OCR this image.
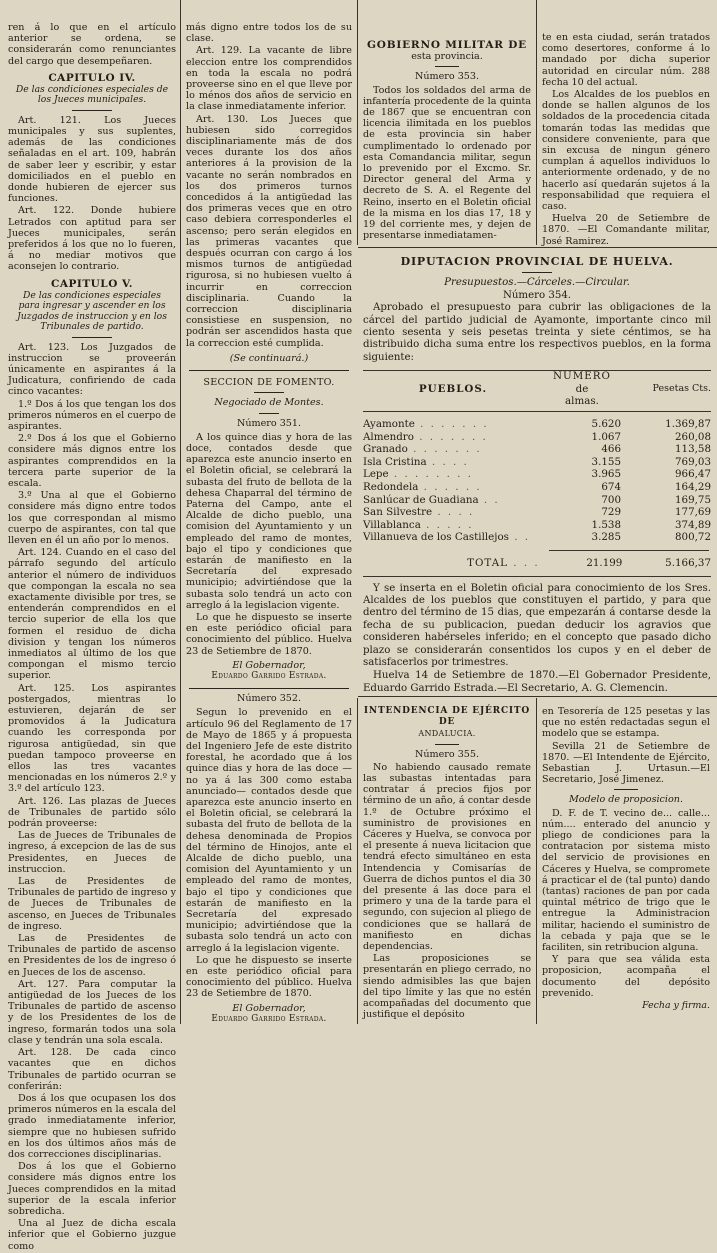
ren á lo que en el artículo anterior se ordena, se considerarán como renunciantes del cargo que desempeñaren.

CAPITULO IV.
De las condiciones especiales de los Jueces municipales.

Art. 121. Los Jueces municipales y sus suplentes, además de las condiciones señaladas en el art. 109, habrán de saber leer y escribir, y estar domiciliados en el pueblo en donde hubieren de ejercer sus funciones.

Art. 122. Donde hubiere Letrados con aptitud para ser Jueces municipales, serán preferidos á los que no lo fueren, á no mediar motivos que aconsejen lo contrario.

CAPITULO V.
De las condiciones especiales para ingresar y ascender en los Juzgados de instruccion y en los Tribunales de partido.

Art. 123. Los Juzgados de instruccion se proveerán únicamente en aspirantes á la Judicatura, confiriendo de cada cinco vacantes:

1.º Dos á los que tengan los dos primeros números en el cuerpo de aspirantes.

2.º Dos á los que el Gobierno considere más dignos entre los aspirantes comprendidos en la tercera parte superior de la escala.

3.º Una al que el Gobierno considere más digno entre todos los que correspondan al mismo cuerpo de aspirantes, con tal que lleven en él un año por lo menos.

Art. 124. Cuando en el caso del párrafo segundo del artículo anterior el número de individuos que compongan la escala no sea exactamente divisible por tres, se entenderán comprendidos en el tercio superior de ella los que formen el residuo de dicha division y tengan los números inmediatos al último de los que compongan el mismo tercio superior.

Art. 125. Los aspirantes postergados, mientras lo estuvieren, dejarán de ser promovidos á la Judicatura cuando les corresponda por rigurosa antigüedad, sin que puedan tampoco proveerse en ellos las tres vacantes mencionadas en los números 2.º y 3.º del artículo 123.

Art. 126. Las plazas de Jueces de Tribunales de partido sólo podrán proveerse:

Las de Jueces de Tribunales de ingreso, á excepcion de las de sus Presidentes, en Jueces de instruccion.

Las de Presidentes de Tribunales de partido de ingreso y de Jueces de Tribunales de ascenso, en Jueces de Tribunales de ingreso.

Las de Presidentes de Tribunales de partido de ascenso en Presidentes de los de ingreso ó en Jueces de los de ascenso.

Art. 127. Para computar la antigüedad de los Jueces de los Tribunales de partido de ascenso y de los Presidentes de los de ingreso, formarán todos una sola clase y tendrán una sola escala.

Art. 128. De cada cinco vacantes que en dichos Tribunales de partido ocurran se conferirán:

Dos á los que ocupasen los dos primeros números en la escala del grado inmediatamente inferior, siempre que no hubiesen sufrido en los dos últimos años más de dos correcciones disciplinarias.

Dos á los que el Gobierno considere más dignos entre los Jueces comprendidos en la mitad superior de la escala inferior sobredicha.

Una al Juez de dicha escala inferior que el Gobierno juzgue como

más digno entre todos los de su clase.

Art. 129. La vacante de libre eleccion entre los comprendidos en toda la escala no podrá proveerse sino en el que lleve por lo ménos dos años de servicio en la clase inmediatamente inferior.

Art. 130. Los Jueces que hubiesen sido corregidos disciplinariamente más de dos veces durante los dos años anteriores á la provision de la vacante no serán nombrados en los dos primeros turnos concedidos á la antigüedad las dos primeras veces que en otro caso debiera corresponderles el ascenso; pero serán elegidos en las primeras vacantes que después ocurran con cargo á los mismos turnos de antigüedad rigurosa, si no hubiesen vuelto á incurrir en correccion disciplinaria. Cuando la correccion disciplinaria consistiese en suspension, no podrán ser ascendidos hasta que la correccion esté cumplida.

(Se continuará.)

SECCION DE FOMENTO.
Negociado de Montes.
Número 351.

A los quince dias y hora de las doce, contados desde que aparezca este anuncio inserto en el Boletin oficial, se celebrará la subasta del fruto de bellota de la dehesa Chaparral del término de Paterna del Campo, ante el Alcalde de dicho pueblo, una comision del Ayuntamiento y un empleado del ramo de montes, bajo el tipo y condiciones que estarán de manifiesto en la Secretaría del expresado municipio; advirtiéndose que la subasta solo tendrá un acto con arreglo á la legislacion vigente.

Lo que he dispuesto se inserte en este periódico oficial para conocimiento del público. Huelva 23 de Setiembre de 1870.

El Gobernador,
Eduardo Garrido Estrada.
Número 352.

Segun lo prevenido en el artículo 96 del Reglamento de 17 de Mayo de 1865 y á propuesta del Ingeniero Jefe de este distrito forestal, he acordado que á los quince dias y hora de las doce —no ya á las 300 como estaba anunciado— contados desde que aparezca este anuncio inserto en el Boletin oficial, se celebrará la subasta del fruto de bellota de la dehesa denominada de Propios del término de Hinojos, ante el Alcalde de dicho pueblo, una comision del Ayuntamiento y un empleado del ramo de montes, bajo el tipo y condiciones que estarán de manifiesto en la Secretaría del expresado municipio; advirtiéndose que la subasta solo tendrá un acto con arreglo á la legislacion vigente.

Lo que he dispuesto se inserte en este periódico oficial para conocimiento del público. Huelva 23 de Setiembre de 1870.

El Gobernador,
Eduardo Garrido Estrada.
GOBIERNO MILITAR DE
esta provincia.
Número 353.

Todos los soldados del arma de infantería procedente de la quinta de 1867 que se encuentran con licencia ilimitada en los pueblos de esta provincia sin haber cumplimentado lo ordenado por esta Comandancia militar, segun lo prevenido por el Excmo. Sr. Director general del Arma y decreto de S. A. el Regente del Reino, inserto en el Boletin oficial de la misma en los dias 17, 18 y 19 del corriente mes, y dejen de presentarse inmediatamen-

te en esta ciudad, serán tratados como desertores, conforme á lo mandado por dicha superior autoridad en circular núm. 288 fecha 10 del actual.

Los Alcaldes de los pueblos en donde se hallen algunos de los soldados de la procedencia citada tomarán todas las medidas que considere conveniente, para que sin excusa de ningun género cumplan á aquellos individuos lo anteriormente ordenado, y de no hacerlo así quedarán sujetos á la responsabilidad que requiera el caso.

Huelva 20 de Setiembre de 1870. —El Comandante militar, José Ramirez.

DIPUTACION PROVINCIAL DE HUELVA.
Presupuestos.—Cárceles.—Circular.
Número 354.

Aprobado el presupuesto para cubrir las obligaciones de la cárcel del partido judicial de Ayamonte, importante cinco mil ciento sesenta y seis pesetas treinta y siete céntimos, se ha distribuido dicha suma entre los respectivos pueblos, en la forma siguiente:

PUEBLOS.	NUMERO	
	de	Pesetas Cts.
	almas.	
Ayamonte . . . . . . .	5.620	1.369,87
Almendro . . . . . . .	1.067	260,08
Granado . . . . . . .	466	113,58
Isla Cristina . . . .	3.155	769,03
Lepe . . . . . . . .	3.965	966,47
Redondela . . . . . .	674	164,29
Sanlúcar de Guadiana . .	700	169,75
San Silvestre . . . .	729	177,69
Villablanca . . . . .	1.538	374,89
Villanueva de los Castillejos . .	3.285	800,72
TOTAL . . .	21.199	5.166,37

Y se inserta en el Boletin oficial para conocimiento de los Sres. Alcaldes de los pueblos que constituyen el partido, y para que dentro del término de 15 dias, que empezarán á contarse desde la fecha de su publicacion, puedan deducir los agravios que consideren habérseles inferido; en el concepto que pasado dicho plazo se considerarán consentidos los cupos y en el deber de satisfacerlos por trimestres.

Huelva 14 de Setiembre de 1870.—El Gobernador Presidente, Eduardo Garrido Estrada.—El Secretario, A. G. Clemencin.

INTENDENCIA DE EJÉRCITO DE
ANDALUCIA.
Número 355.

No habiendo causado remate las subastas intentadas para contratar á precios fijos por término de un año, á contar desde 1.º de Octubre próximo el suministro de provisiones en Cáceres y Huelva, se convoca por el presente á nueva licitacion que tendrá efecto simultáneo en esta Intendencia y Comisarías de Guerra de dichos puntos el dia 30 del presente á las doce para el primero y una de la tarde para el segundo, con sujecion al pliego de condiciones que se hallará de manifiesto en dichas dependencias.

Las proposiciones se presentarán en pliego cerrado, no siendo admisibles las que bajen del tipo límite y las que no estén acompañadas del documento que justifique el depósito

en Tesorería de 125 pesetas y las que no estén redactadas segun el modelo que se estampa.

Sevilla 21 de Setiembre de 1870. —El Intendente de Ejército, Sebastian J. Urtasun.—El Secretario, José Jimenez.

Modelo de proposicion.

D. F. de T. vecino de... calle... núm.... enterado del anuncio y pliego de condiciones para la contratacion por sistema misto del servicio de provisiones en Cáceres y Huelva, se compromete á practicar el de (tal punto) dando (tantas) raciones de pan por cada quintal métrico de trigo que le entregue la Administracion militar, haciendo el suministro de la cebada y paja que se le faciliten, sin retribucion alguna.

Y para que sea válida esta proposicion, acompaña el documento del depósito prevenido.

Fecha y firma.
